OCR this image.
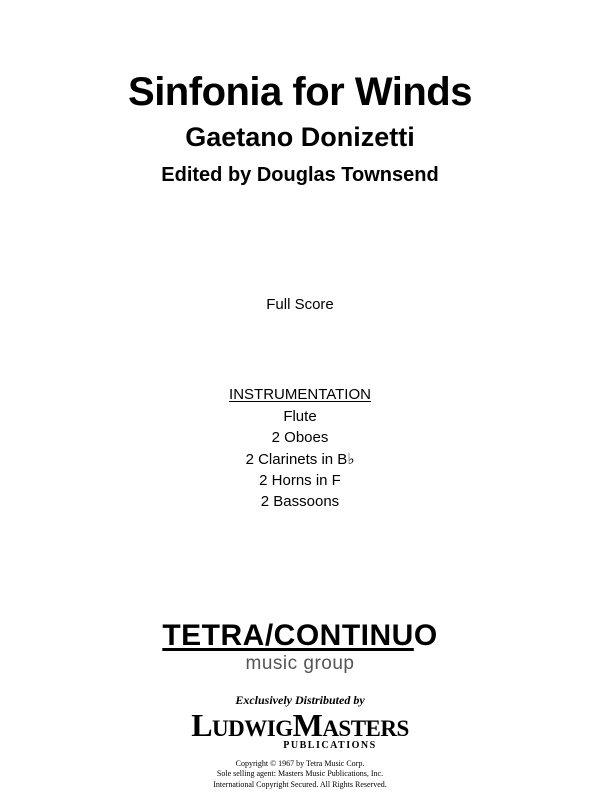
Sinfonia for Winds
Gaetano Donizetti
Edited by Douglas Townsend
Full Score
INSTRUMENTATION
Flute
2 Oboes
2 Clarinets in B♭
2 Horns in F
2 Bassoons
TETRA/CONTINUO
music group
Exclusively Distributed by
LUDWIGMASTERS
PUBLICATIONS
Copyright © 1967 by Tetra Music Corp.
Sole selling agent: Masters Music Publications, Inc.
International Copyright Secured. All Rights Reserved.
